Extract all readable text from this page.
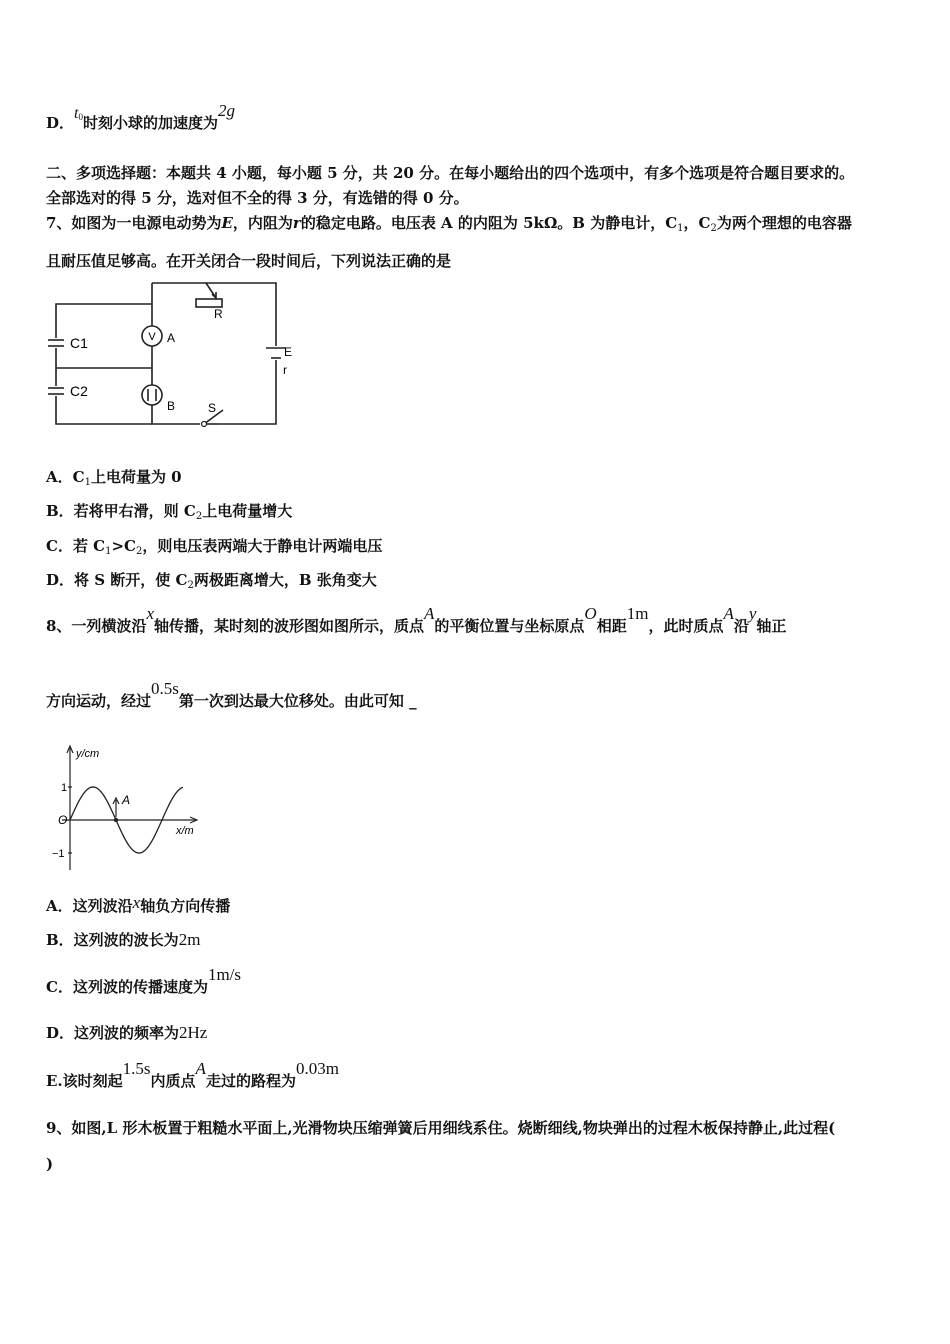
D．$t^0$时刻小球的加速度为2g
二、多项选择题：本题共 4 小题，每小题 5 分，共 20 分。在每小题给出的四个选项中，有多个选项是符合题目要求的。
全部选对的得 5 分，选对但不全的得 3 分，有选错的得 0 分。
7、如图为一电源电动势为E，内阻为r的稳定电路。电压表 A 的内阻为 5kΩ。B 为静电计，$C_1$，$C_2$为两个理想的电容器
且耐压值足够高。在开关闭合一段时间后，下列说法正确的是
V A
B
C1
C2
R
E
r
S
A．$C_1$上电荷量为 0
B．若将甲右滑，则 $C_2$上电荷量增大
C．若 $C_1>C_2$，则电压表两端大于静电计两端电压
D．将 S 断开，使 $C_2$两极距离增大，B 张角变大
8、一列横波沿x轴传播，某时刻的波形图如图所示，质点A的平衡位置与坐标原点O相距1m，此时质点A沿y轴正
方向运动，经过0.5s第一次到达最大位移处。由此可知 _
y/cm
x/m
1
O
−1
A
A．这列波沿x轴负方向传播
B．这列波的波长为2m
C．这列波的传播速度为1m/s
D．这列波的频率为2Hz
E.该时刻起1.5s内质点A走过的路程为0.03m
9、如图,L 形木板置于粗糙水平面上,光滑物块压缩弹簧后用细线系住。烧断细线,物块弹出的过程木板保持静止,此过程(
)
